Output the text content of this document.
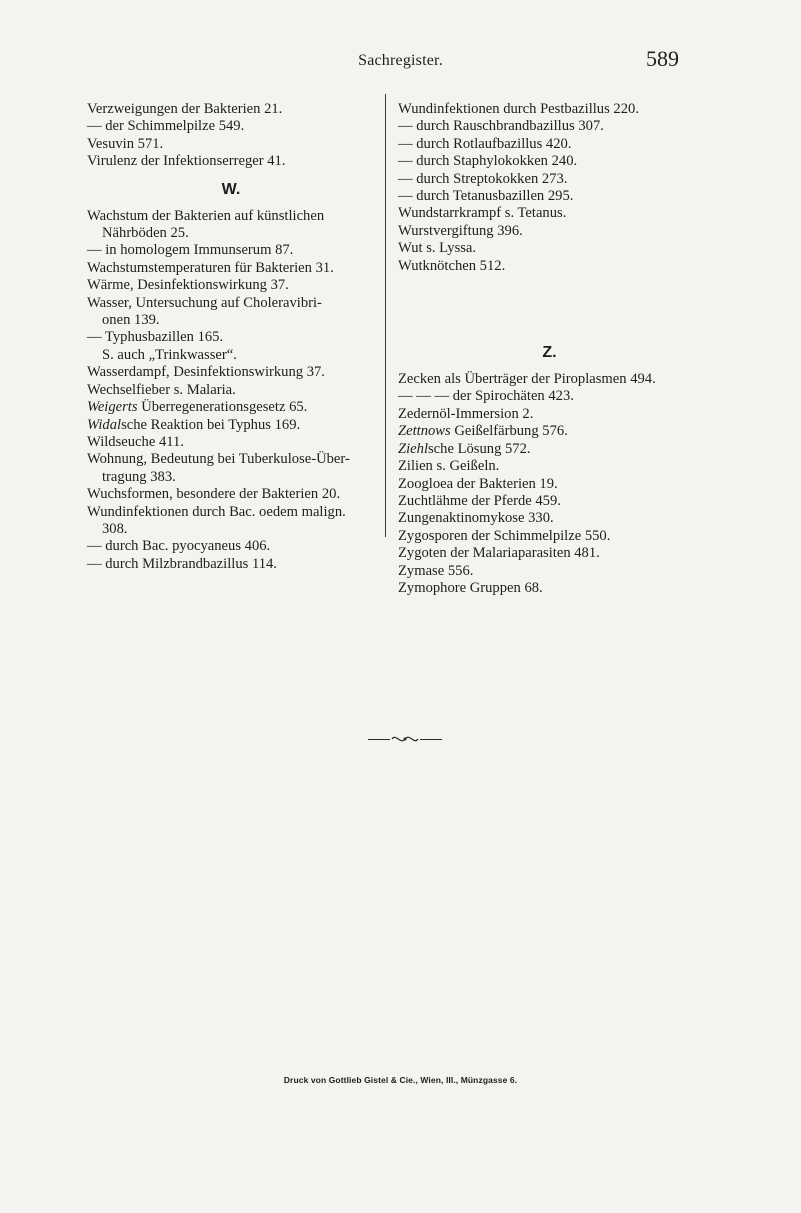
Sachregister.	589
Verzweigungen der Bakterien 21.
— der Schimmelpilze 549.
Vesuvin 571.
Virulenz der Infektionserreger 41.
W.
Wachstum der Bakterien auf künstlichen
Nährböden 25.
— in homologem Immunserum 87.
Wachstumstemperaturen für Bakterien 31.
Wärme, Desinfektionswirkung 37.
Wasser, Untersuchung auf Choleravibri-
onen 139.
— Typhusbazillen 165.
S. auch „Trinkwasser“.
Wasserdampf, Desinfektionswirkung 37.
Wechselfieber s. Malaria.
Weigerts Überregenerationsgesetz 65.
Widalsche Reaktion bei Typhus 169.
Wildseuche 411.
Wohnung, Bedeutung bei Tuberkulose-Über-
tragung 383.
Wuchsformen, besondere der Bakterien 20.
Wundinfektionen durch Bac. oedem malign.
308.
— durch Bac. pyocyaneus 406.
— durch Milzbrandbazillus 114.
Wundinfektionen durch Pestbazillus 220.
— durch Rauschbrandbazillus 307.
— durch Rotlaufbazillus 420.
— durch Staphylokokken 240.
— durch Streptokokken 273.
— durch Tetanusbazillen 295.
Wundstarrkrampf s. Tetanus.
Wurstvergiftung 396.
Wut s. Lyssa.
Wutknötchen 512.
Z.
Zecken als Überträger der Piroplasmen 494.
— — — der Spirochäten 423.
Zedernöl-Immersion 2.
Zettnows Geißelfärbung 576.
Ziehlsche Lösung 572.
Zilien s. Geißeln.
Zoogloea der Bakterien 19.
Zuchtlähme der Pferde 459.
Zungenaktinomykose 330.
Zygosporen der Schimmelpilze 550.
Zygoten der Malariaparasiten 481.
Zymase 556.
Zymophore Gruppen 68.
Druck von Gottlieb Gistel & Cie., Wien, III., Münzgasse 6.
